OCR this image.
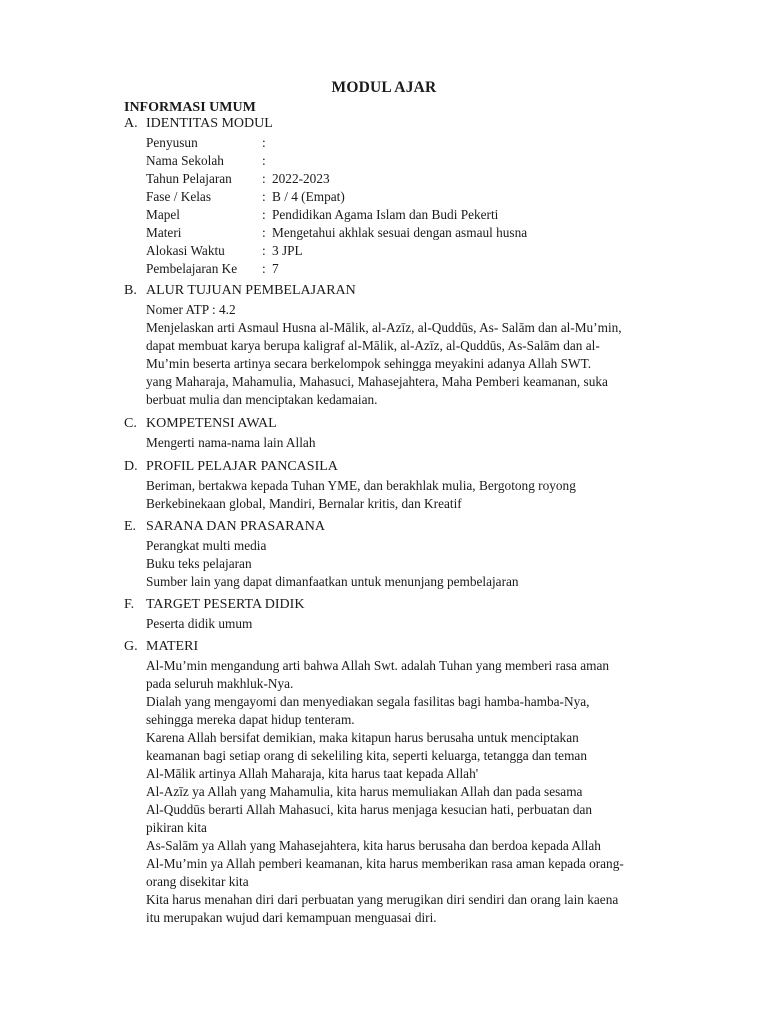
MODUL AJAR
INFORMASI UMUM
A. IDENTITAS MODUL
Penyusun	:
Nama Sekolah	:
Tahun Pelajaran : 2022-2023
Fase / Kelas	: B / 4 (Empat)
Mapel	: Pendidikan Agama Islam dan Budi Pekerti
Materi	: Mengetahui akhlak sesuai dengan asmaul husna
Alokasi Waktu	: 3 JPL
Pembelajaran Ke : 7
B. ALUR TUJUAN PEMBELAJARAN
Nomer ATP : 4.2
Menjelaskan arti Asmaul Husna al-Mālik, al-Azīz, al-Quddūs, As- Salām dan al-Mu’min,
dapat membuat karya berupa kaligraf al-Mālik, al-Azīz, al-Quddūs, As-Salām dan al-
Mu’min beserta artinya secara berkelompok sehingga meyakini adanya Allah SWT.
yang Maharaja, Mahamulia, Mahasuci, Mahasejahtera, Maha Pemberi keamanan, suka
berbuat mulia dan menciptakan kedamaian.
C. KOMPETENSI AWAL
Mengerti nama-nama lain Allah
D. PROFIL PELAJAR PANCASILA
Beriman, bertakwa kepada Tuhan YME, dan berakhlak mulia, Bergotong royong
Berkebinekaan global, Mandiri, Bernalar kritis, dan Kreatif
E. SARANA DAN PRASARANA
Perangkat multi media
Buku teks pelajaran
Sumber lain yang dapat dimanfaatkan untuk menunjang pembelajaran
F. TARGET PESERTA DIDIK
Peserta didik umum
G. MATERI
Al-Mu’min mengandung arti bahwa Allah Swt. adalah Tuhan yang memberi rasa aman
pada seluruh makhluk-Nya.
Dialah yang mengayomi dan menyediakan segala fasilitas bagi hamba-hamba-Nya,
sehingga mereka dapat hidup tenteram.
Karena Allah bersifat demikian, maka kitapun harus berusaha untuk menciptakan
keamanan bagi setiap orang di sekeliling kita, seperti keluarga, tetangga dan teman
Al-Mālik artinya Allah Maharaja, kita harus taat kepada Allah'
Al-Azīz ya Allah yang Mahamulia, kita harus memuliakan Allah dan pada sesama
Al-Quddūs berarti Allah Mahasuci, kita harus menjaga kesucian hati, perbuatan dan
pikiran kita
As-Salām ya Allah yang Mahasejahtera, kita harus berusaha dan berdoa kepada Allah
Al-Mu’min ya Allah pemberi keamanan, kita harus memberikan rasa aman kepada orang-
orang disekitar kita
Kita harus menahan diri dari perbuatan yang merugikan diri sendiri dan orang lain kaena
itu merupakan wujud dari kemampuan menguasai diri.
